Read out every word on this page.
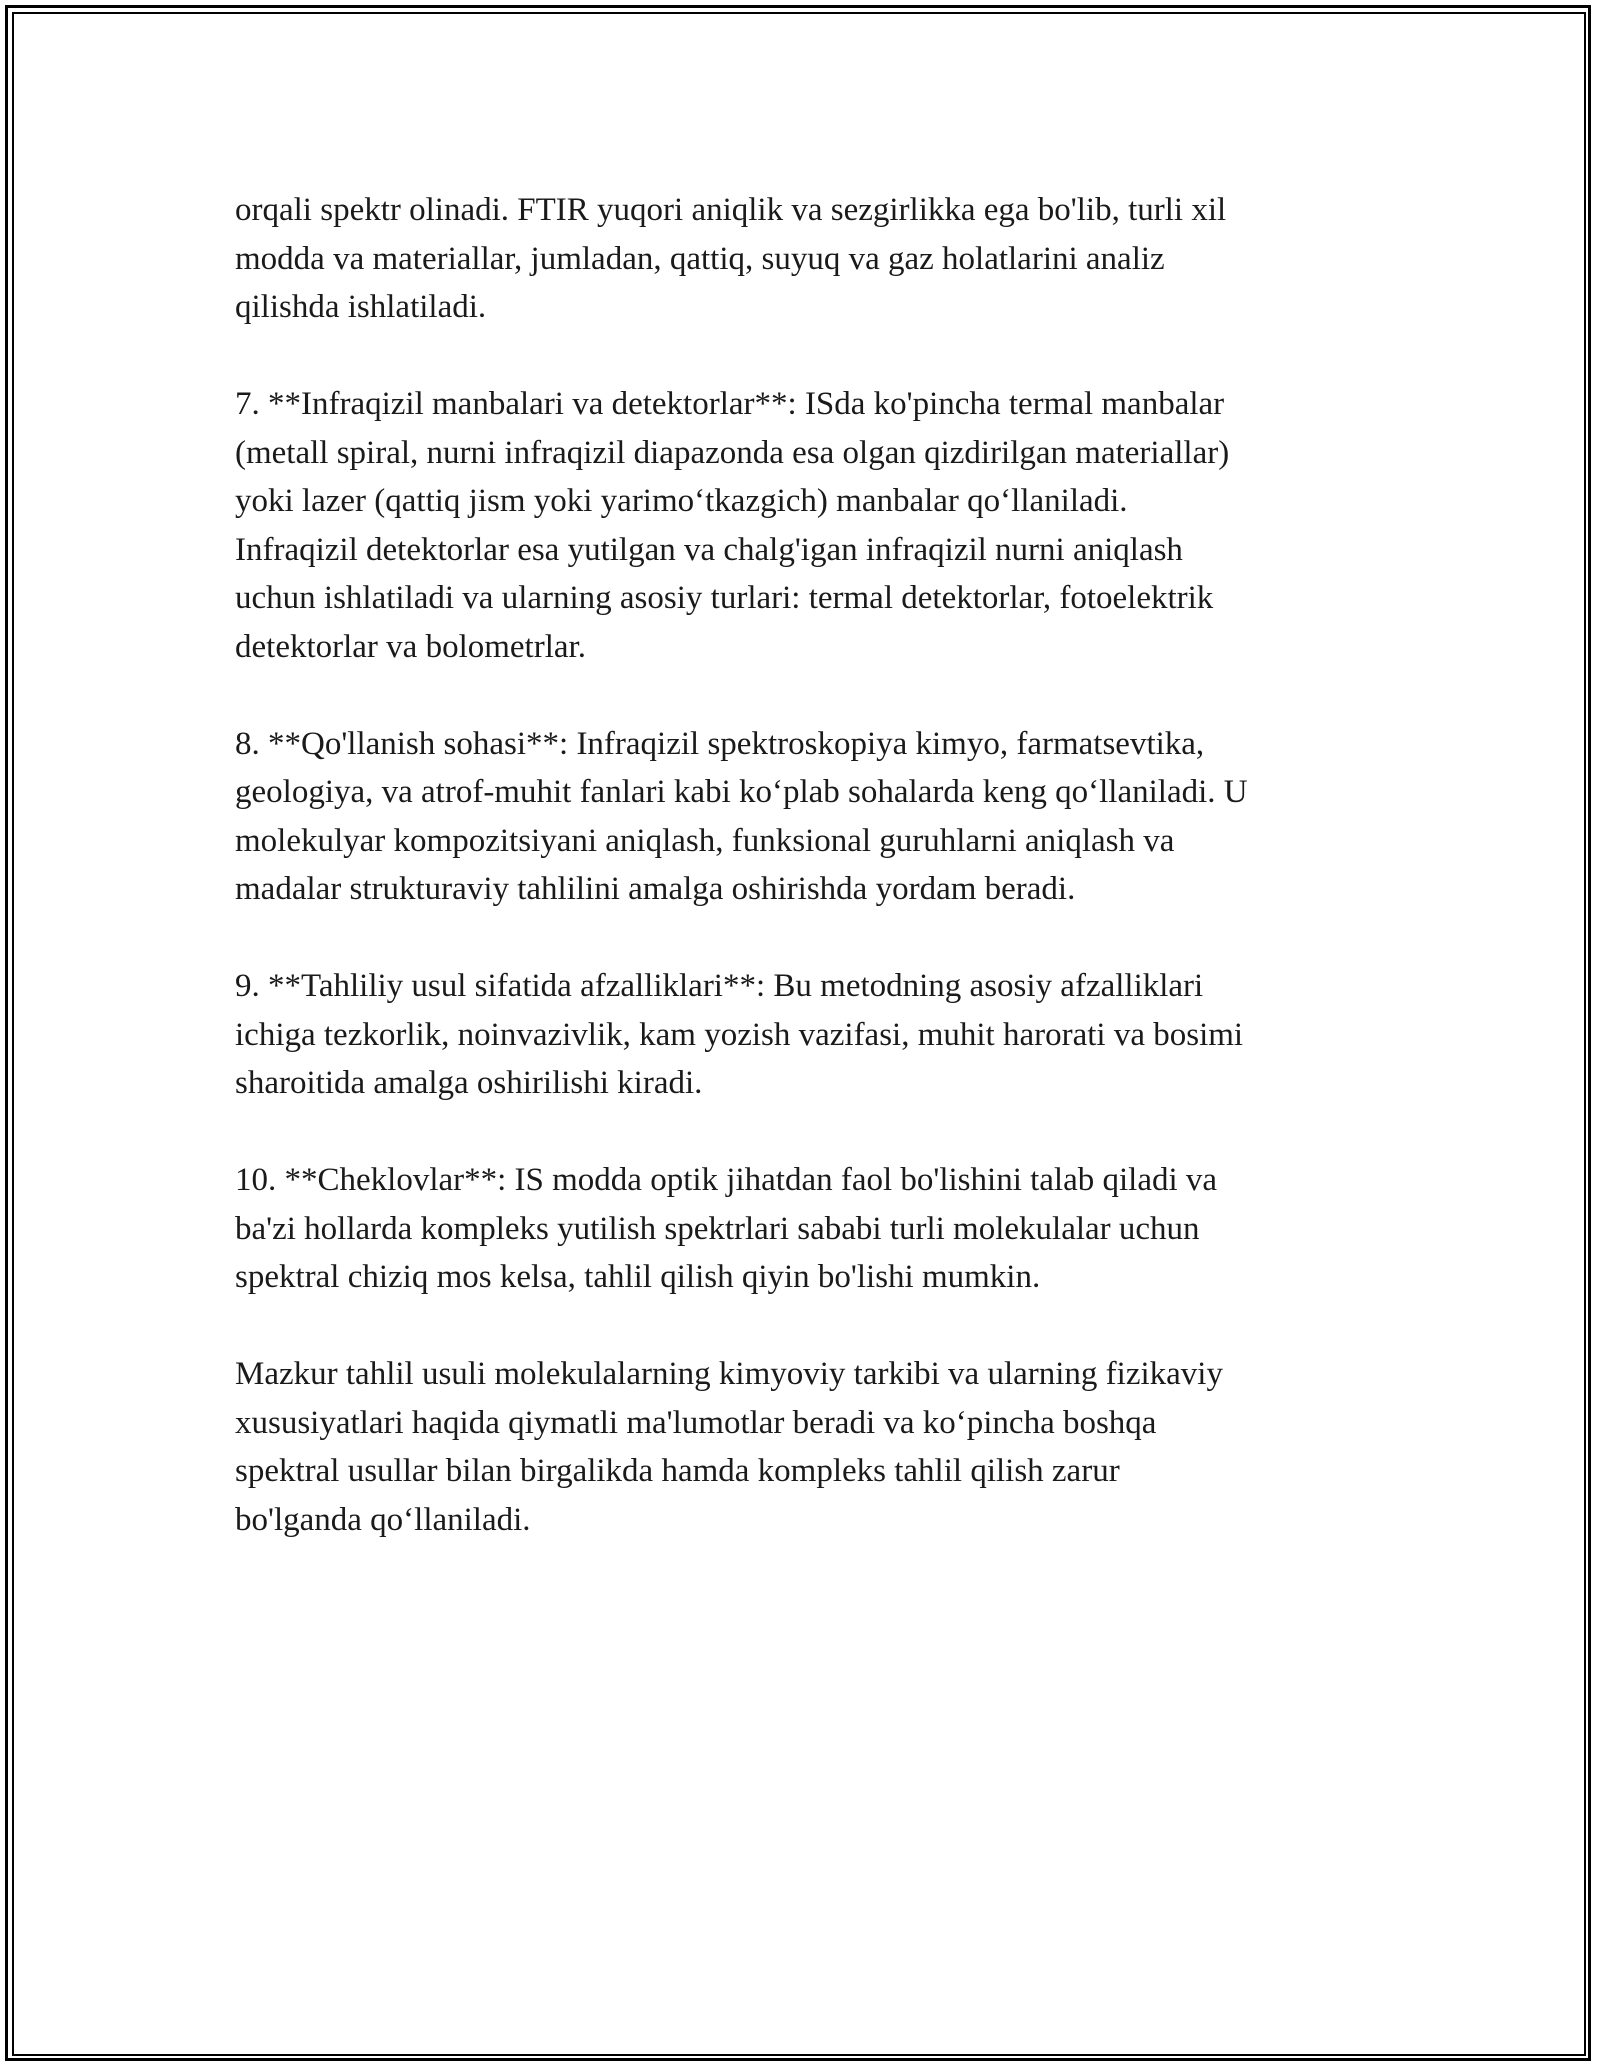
orqali spektr olinadi. FTIR yuqori aniqlik va sezgirlikka ega bo'lib, turli xil
modda va materiallar, jumladan, qattiq, suyuq va gaz holatlarini analiz
qilishda ishlatiladi.

7. **Infraqizil manbalari va detektorlar**: ISda ko'pincha termal manbalar
(metall spiral, nurni infraqizil diapazonda esa olgan qizdirilgan materiallar)
yoki lazer (qattiq jism yoki yarimo‘tkazgich) manbalar qo‘llaniladi.
Infraqizil detektorlar esa yutilgan va chalg'igan infraqizil nurni aniqlash
uchun ishlatiladi va ularning asosiy turlari: termal detektorlar, fotoelektrik
detektorlar va bolometrlar.

8. **Qo'llanish sohasi**: Infraqizil spektroskopiya kimyo, farmatsevtika,
geologiya, va atrof-muhit fanlari kabi ko‘plab sohalarda keng qo‘llaniladi. U
molekulyar kompozitsiyani aniqlash, funksional guruhlarni aniqlash va
madalar strukturaviy tahlilini amalga oshirishda yordam beradi.

9. **Tahliliy usul sifatida afzalliklari**: Bu metodning asosiy afzalliklari
ichiga tezkorlik, noinvazivlik, kam yozish vazifasi, muhit harorati va bosimi
sharoitida amalga oshirilishi kiradi.

10. **Cheklovlar**: IS modda optik jihatdan faol bo'lishini talab qiladi va
ba'zi hollarda kompleks yutilish spektrlari sababi turli molekulalar uchun
spektral chiziq mos kelsa, tahlil qilish qiyin bo'lishi mumkin.

Mazkur tahlil usuli molekulalarning kimyoviy tarkibi va ularning fizikaviy
xususiyatlari haqida qiymatli ma'lumotlar beradi va ko‘pincha boshqa
spektral usullar bilan birgalikda hamda kompleks tahlil qilish zarur
bo'lganda qo‘llaniladi.
